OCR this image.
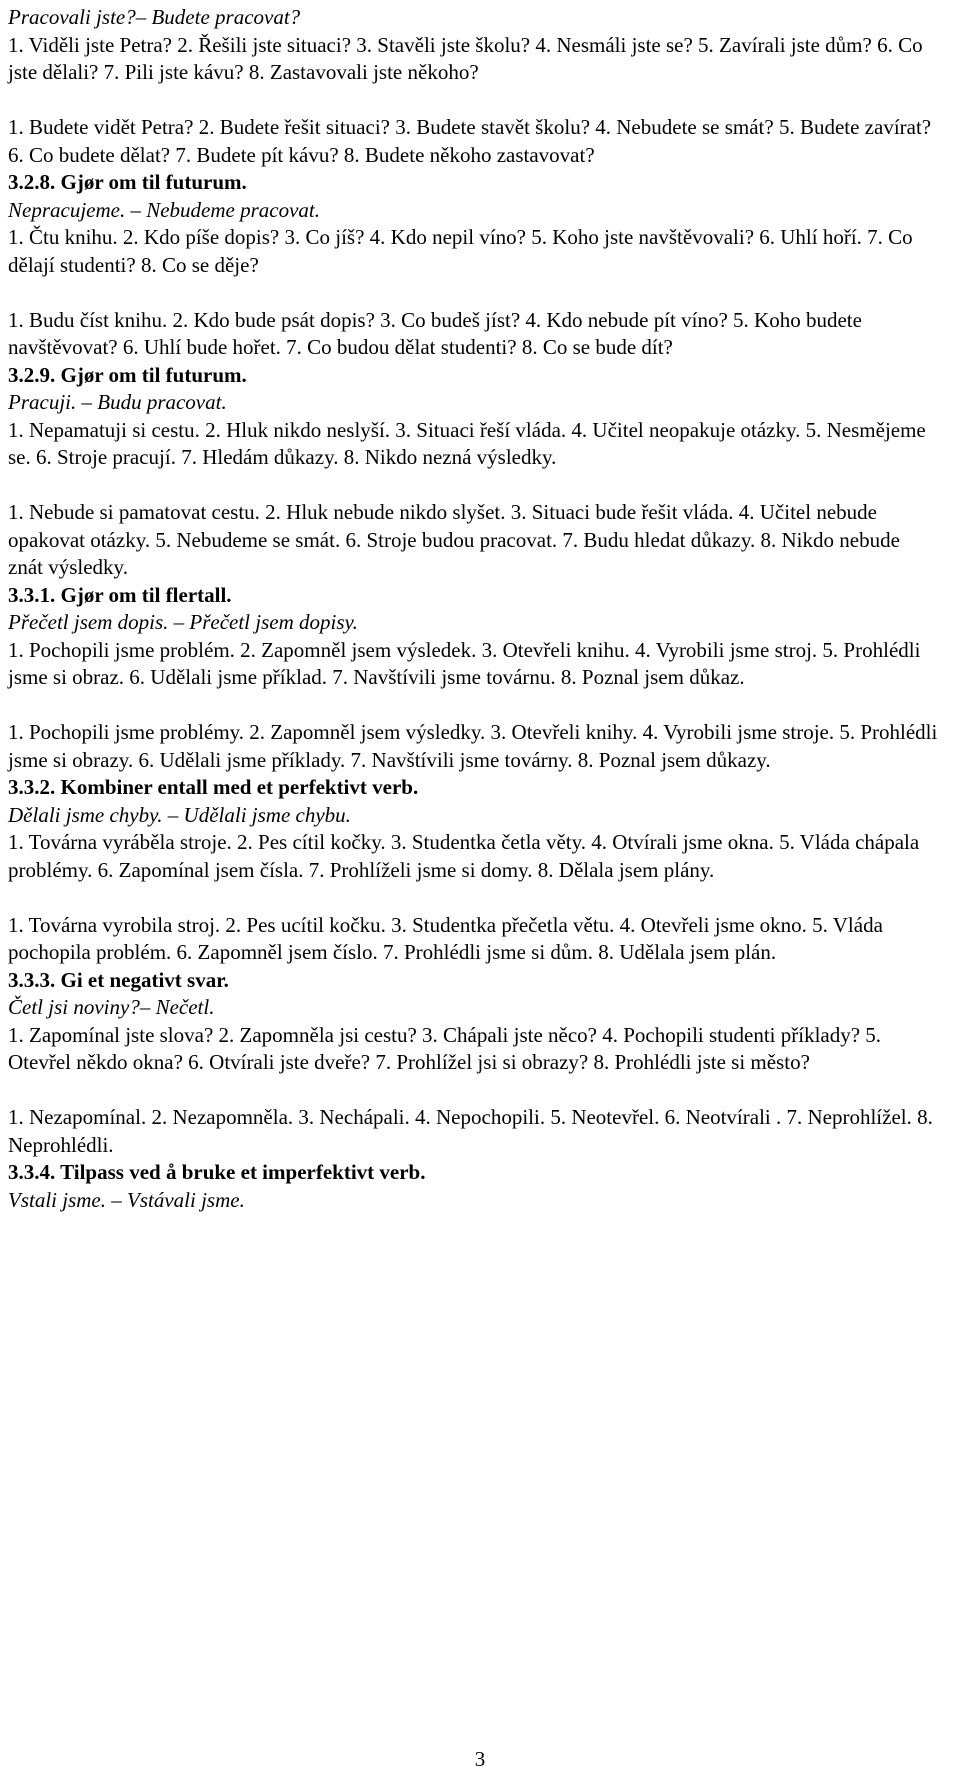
Pracovali jste?– Budete pracovat?

1. Viděli jste Petra? 2. Řešili jste situaci? 3. Stavěli jste školu? 4. Nesmáli jste se? 5. Zavírali jste dům? 6. Co jste dělali? 7. Pili jste kávu? 8. Zastavovali jste někoho?

1. Budete vidět Petra? 2. Budete řešit situaci? 3. Budete stavět školu? 4. Nebudete se smát? 5. Budete zavírat? 6. Co budete dělat? 7. Budete pít kávu? 8. Budete někoho zastavovat?

3.2.8. Gjør om til futurum.

Nepracujeme. – Nebudeme pracovat.

1. Čtu knihu. 2. Kdo píše dopis? 3. Co jíš? 4. Kdo nepil víno? 5. Koho jste navštěvovali? 6. Uhlí hoří. 7. Co dělají studenti? 8. Co se děje?

1. Budu číst knihu. 2. Kdo bude psát dopis? 3. Co budeš jíst? 4. Kdo nebude pít víno? 5. Koho budete navštěvovat? 6. Uhlí bude hořet. 7. Co budou dělat studenti? 8. Co se bude dít?

3.2.9. Gjør om til futurum.

Pracuji. – Budu pracovat.

1. Nepamatuji si cestu. 2. Hluk nikdo neslyší. 3. Situaci řeší vláda. 4. Učitel neopakuje otázky. 5. Nesmějeme se. 6. Stroje pracují. 7. Hledám důkazy. 8. Nikdo nezná výsledky.

1. Nebude si pamatovat cestu. 2. Hluk nebude nikdo slyšet. 3. Situaci bude řešit vláda. 4. Učitel nebude opakovat otázky. 5. Nebudeme se smát. 6. Stroje budou pracovat. 7. Budu hledat důkazy. 8. Nikdo nebude znát výsledky.

3.3.1. Gjør om til flertall.

Přečetl jsem dopis. – Přečetl jsem dopisy.

1. Pochopili jsme problém. 2. Zapomněl jsem výsledek. 3. Otevřeli knihu. 4. Vyrobili jsme stroj. 5. Prohlédli jsme si obraz. 6. Udělali jsme příklad. 7. Navštívili jsme továrnu. 8. Poznal jsem důkaz.

1. Pochopili jsme problémy. 2. Zapomněl jsem výsledky. 3. Otevřeli knihy. 4. Vyrobili jsme stroje. 5. Prohlédli jsme si obrazy. 6. Udělali jsme příklady. 7. Navštívili jsme továrny. 8. Poznal jsem důkazy.

3.3.2. Kombiner entall med et perfektivt verb.

Dělali jsme chyby. – Udělali jsme chybu.

1. Továrna vyráběla stroje. 2. Pes cítil kočky. 3. Studentka četla věty. 4. Otvírali jsme okna. 5. Vláda chápala problémy. 6. Zapomínal jsem čísla. 7. Prohlíželi jsme si domy. 8. Dělala jsem plány.

1. Továrna vyrobila stroj. 2. Pes ucítil kočku. 3. Studentka přečetla větu. 4. Otevřeli jsme okno. 5. Vláda pochopila problém. 6. Zapomněl jsem číslo. 7. Prohlédli jsme si dům. 8. Udělala jsem plán.

3.3.3. Gi et negativt svar.

Četl jsi noviny?– Nečetl.

1. Zapomínal jste slova? 2. Zapomněla jsi cestu? 3. Chápali jste něco? 4. Pochopili studenti příklady? 5. Otevřel někdo okna? 6. Otvírali jste dveře? 7. Prohlížel jsi si obrazy? 8. Prohlédli jste si město?

1. Nezapomínal. 2. Nezapomněla. 3. Nechápali. 4. Nepochopili. 5. Neotevřel. 6. Neotvírali . 7. Neprohlížel. 8. Neprohlédli.

3.3.4. Tilpass ved å bruke et imperfektivt verb.

Vstali jsme. – Vstávali jsme.

3
